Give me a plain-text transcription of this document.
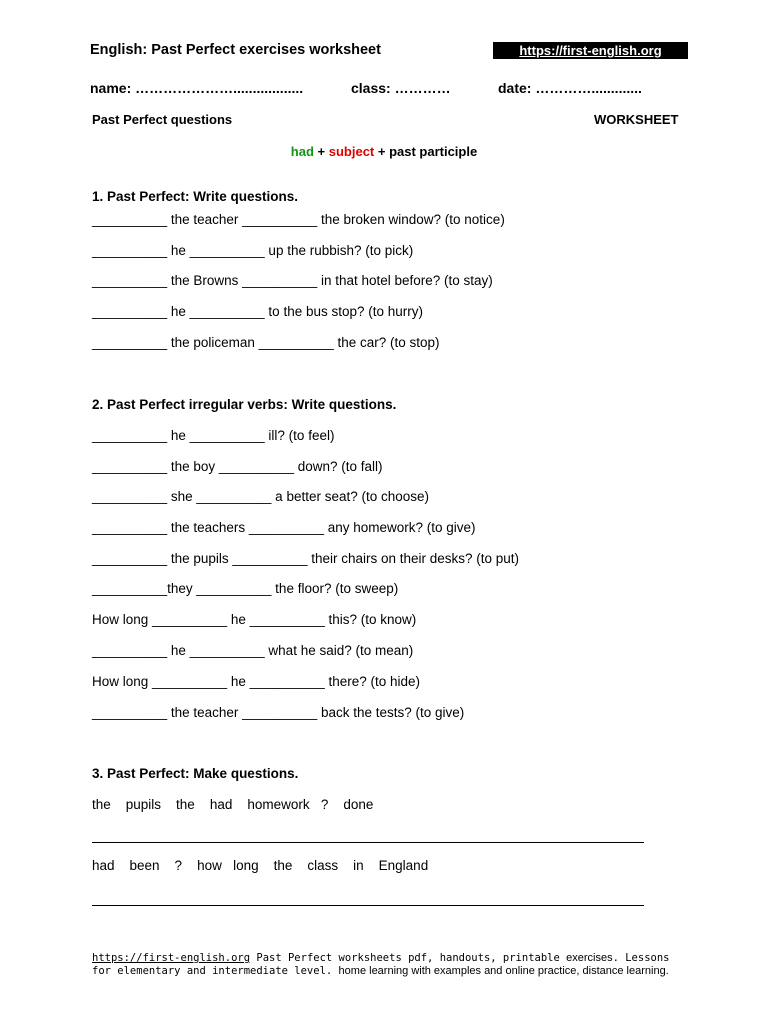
English: Past Perfect exercises worksheet	https://first-english.org
name: …………………..................	class: …………	date: ………….............
Past Perfect questions	WORKSHEET
had + subject + past participle
1. Past Perfect: Write questions.
__________ the teacher __________ the broken window? (to notice)
__________ he __________ up the rubbish? (to pick)
__________ the Browns __________ in that hotel before? (to stay)
__________ he __________ to the bus stop? (to hurry)
__________ the policeman __________ the car? (to stop)
2. Past Perfect irregular verbs: Write questions.
__________ he __________ ill? (to feel)
__________ the boy __________ down? (to fall)
__________ she __________ a better seat? (to choose)
__________ the teachers __________ any homework? (to give)
__________ the pupils __________ their chairs on their desks? (to put)
__________they __________ the floor? (to sweep)
How long __________ he __________ this? (to know)
__________ he __________ what he said? (to mean)
How long __________ he __________ there? (to hide)
__________ the teacher __________ back the tests? (to give)
3. Past Perfect: Make questions.
the    pupils    the    had    homework   ?    done
had    been    ?    how   long    the    class    in    England
https://first-english.org Past Perfect worksheets pdf, handouts, printable exercises. Lessons for elementary and intermediate level. home learning with examples and online practice, distance learning.
